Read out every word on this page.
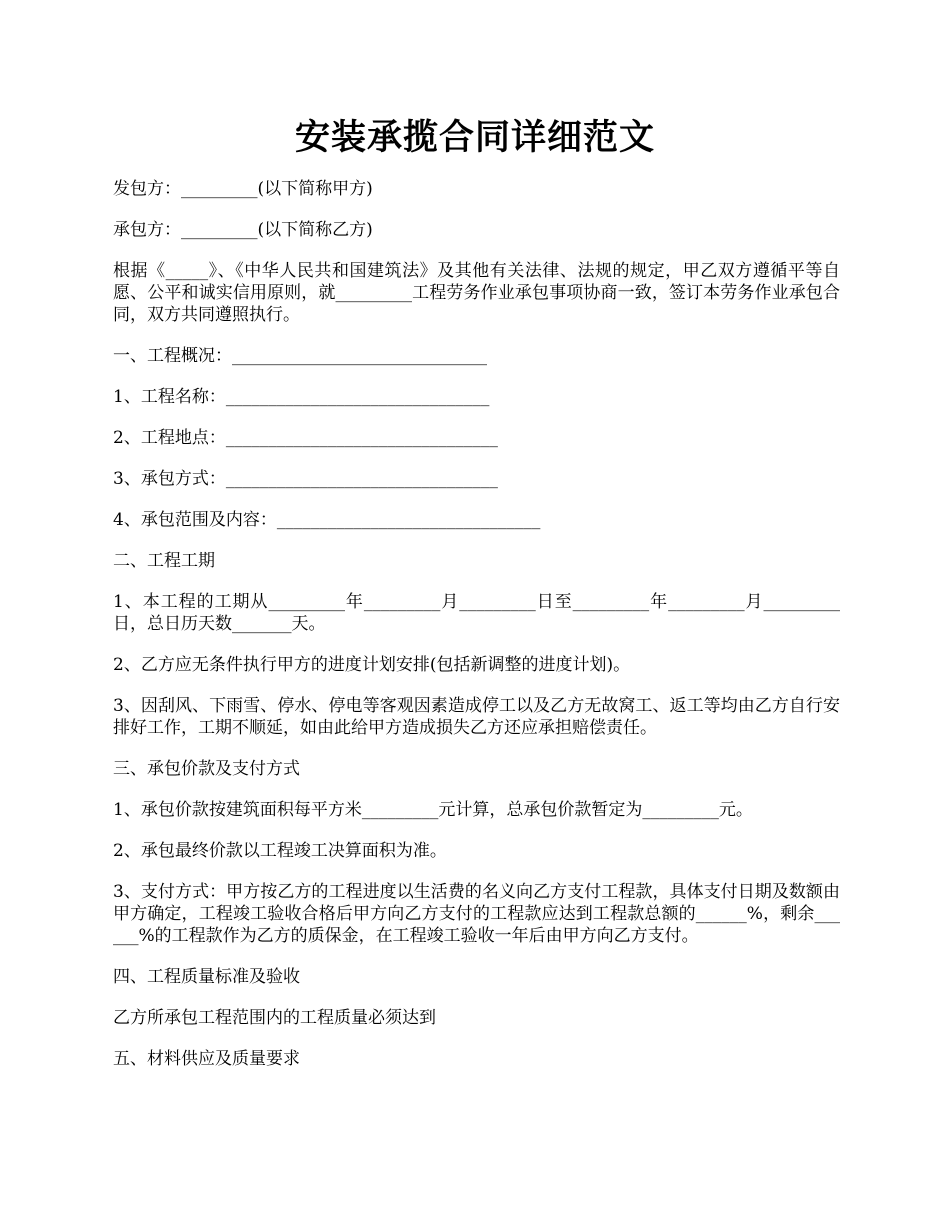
安装承揽合同详细范文

发包方：_________(以下简称甲方)

承包方：_________(以下简称乙方)

根据《_____》、《中华人民共和国建筑法》及其他有关法律、法规的规定，甲乙双方遵循平等自愿、公平和诚实信用原则，就_________工程劳务作业承包事项协商一致，签订本劳务作业承包合同，双方共同遵照执行。

一、工程概况：______________________________

1、工程名称：_______________________________

2、工程地点：________________________________

3、承包方式：________________________________

4、承包范围及内容：_______________________________

二、工程工期

1、本工程的工期从_________年_________月_________日至_________年_________月_________日，总日历天数_______天。

2、乙方应无条件执行甲方的进度计划安排(包括新调整的进度计划)。

3、因刮风、下雨雪、停水、停电等客观因素造成停工以及乙方无故窝工、返工等均由乙方自行安排好工作，工期不顺延，如由此给甲方造成损失乙方还应承担赔偿责任。

三、承包价款及支付方式

1、承包价款按建筑面积每平方米_________元计算，总承包价款暂定为_________元。

2、承包最终价款以工程竣工决算面积为准。

3、支付方式：甲方按乙方的工程进度以生活费的名义向乙方支付工程款，具体支付日期及数额由甲方确定，工程竣工验收合格后甲方向乙方支付的工程款应达到工程款总额的______%，剩余______%的工程款作为乙方的质保金，在工程竣工验收一年后由甲方向乙方支付。

四、工程质量标准及验收

乙方所承包工程范围内的工程质量必须达到

五、材料供应及质量要求
